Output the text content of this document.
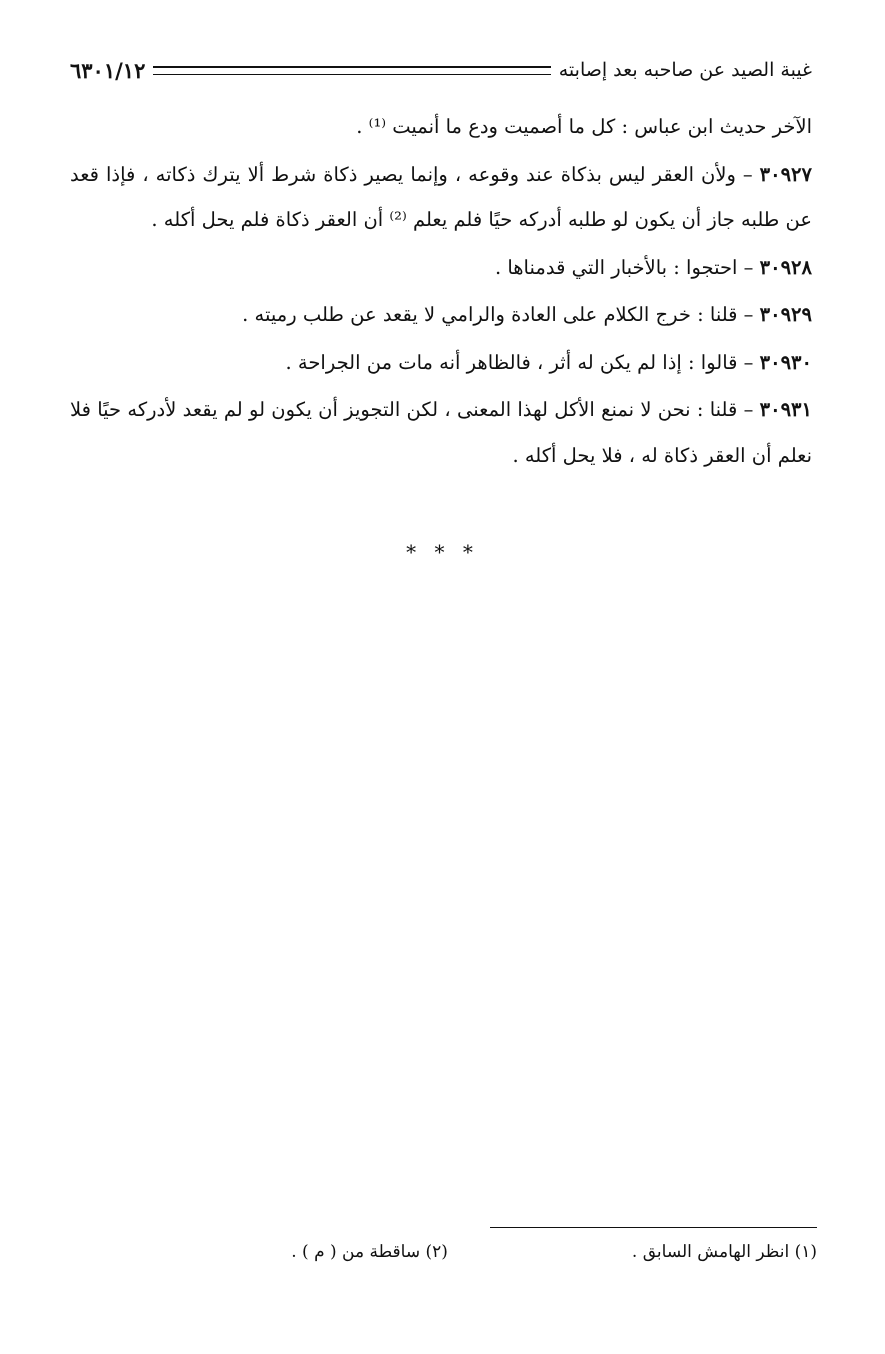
غيبة الصيد عن صاحبه بعد إصابته
٦٣٠١/١٢

الآخر حديث ابن عباس : كل ما أصميت ودع ما أنميت ⁽¹⁾ .

٣٠٩٢٧ – ولأن العقر ليس بذكاة عند وقوعه ، وإنما يصير ذكاة شرط ألا يترك ذكاته ، فإذا قعد عن طلبه جاز أن يكون لو طلبه أدركه حيًا فلم يعلم ⁽²⁾ أن العقر ذكاة فلم يحل أكله .

٣٠٩٢٨ – احتجوا : بالأخبار التي قدمناها .

٣٠٩٢٩ – قلنا : خرج الكلام على العادة والرامي لا يقعد عن طلب رميته .

٣٠٩٣٠ – قالوا : إذا لم يكن له أثر ، فالظاهر أنه مات من الجراحة .

٣٠٩٣١ – قلنا : نحن لا نمنع الأكل لهذا المعنى ، لكن التجويز أن يكون لو لم يقعد لأدركه حيًا فلا نعلم أن العقر ذكاة له ، فلا يحل أكله .

* * *
(١) انظر الهامش السابق .
(٢) ساقطة من ( م ) .
